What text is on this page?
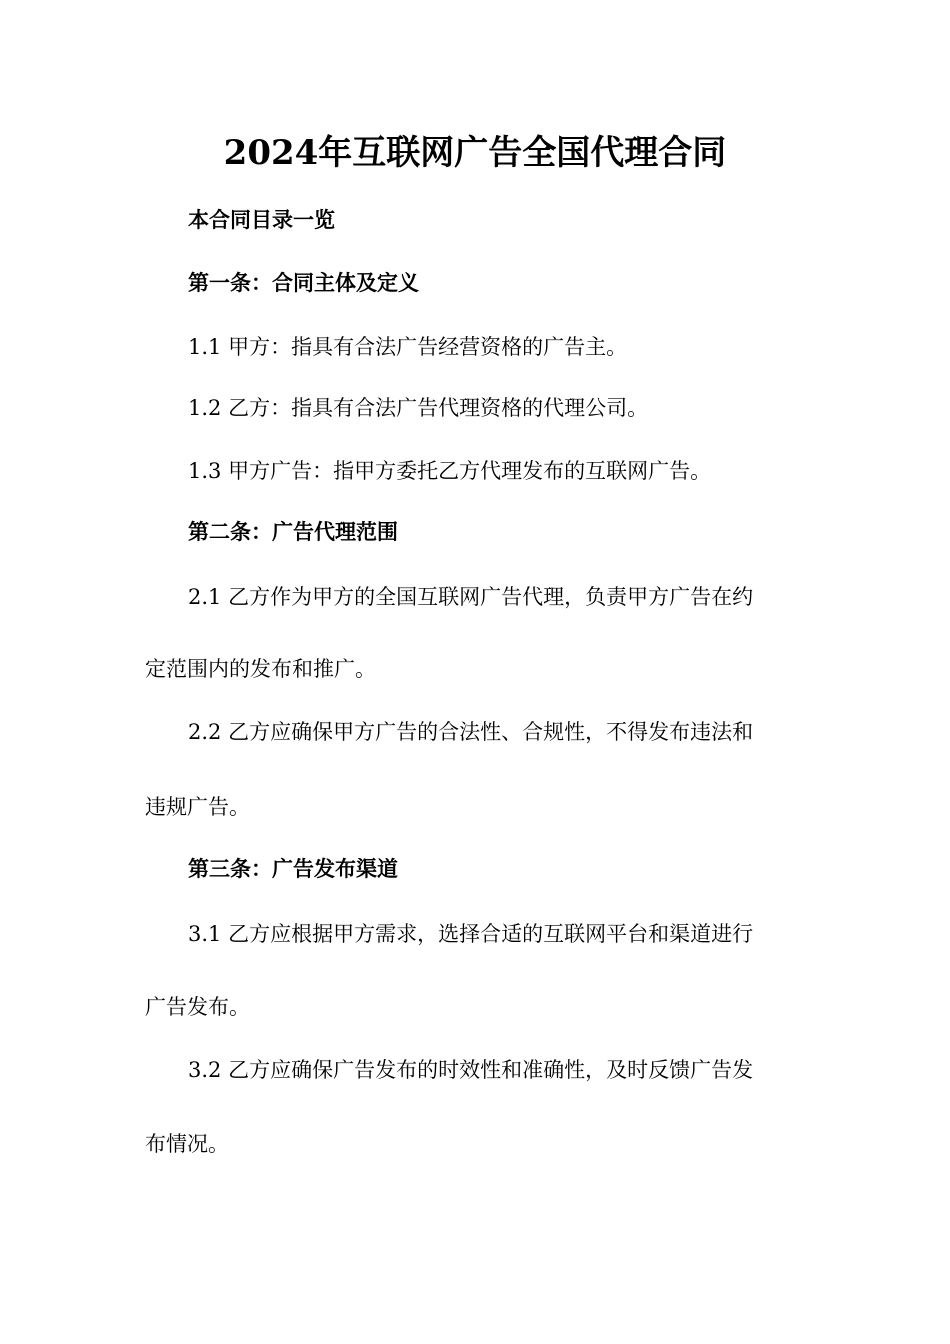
2024年互联网广告全国代理合同

本合同目录一览

第一条：合同主体及定义

1.1 甲方：指具有合法广告经营资格的广告主。

1.2 乙方：指具有合法广告代理资格的代理公司。

1.3 甲方广告：指甲方委托乙方代理发布的互联网广告。

第二条：广告代理范围

2.1 乙方作为甲方的全国互联网广告代理，负责甲方广告在约

定范围内的发布和推广。

2.2 乙方应确保甲方广告的合法性、合规性，不得发布违法和

违规广告。

第三条：广告发布渠道

3.1 乙方应根据甲方需求，选择合适的互联网平台和渠道进行

广告发布。

3.2 乙方应确保广告发布的时效性和准确性，及时反馈广告发

布情况。
